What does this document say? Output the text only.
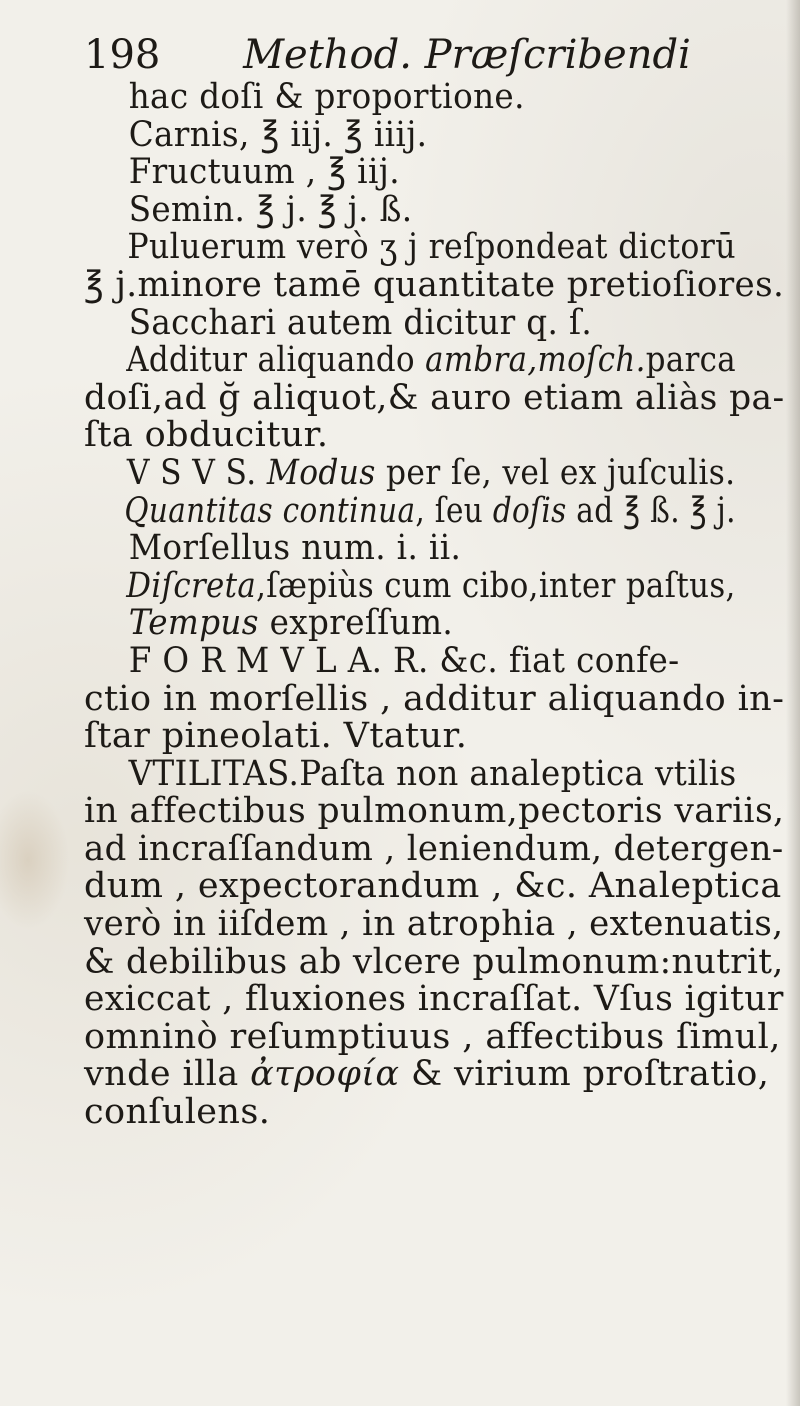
198 Method. Præſcribendi
hac doſi & proportione.
Carnis, ℥ iij. ℥ iiij.
Fructuum , ℥ iij.
Semin. ℥ j. ℥ j. ß.
Puluerum verò ʒ j reſpondeat dictorū
℥ j.minore tamē quantitate pretioſiores.
Sacchari autem dicitur q. ſ.
Additur aliquando ambra,moſch.parca
doſi,ad ğ aliquot,& auro etiam aliàs pa-
ſta obducitur.
V S V S. Modus per ſe, vel ex juſculis.
Quantitas continua, ſeu doſis ad ℥ ß. ℥ j.
Morſellus num. i. ii.
Diſcreta,ſæpiùs cum cibo,inter paſtus,
Tempus expreſſum.
F O R M V L A. R. &c. fiat confe-
ctio in morſellis , additur aliquando in-
ſtar pineolati. Vtatur.
VTILITAS.Paſta non analeptica vtilis
in affectibus pulmonum,pectoris variis,
ad incraſſandum , leniendum, detergen-
dum , expectorandum , &c. Analeptica
verò in iiſdem , in atrophia , extenuatis,
& debilibus ab vlcere pulmonum:nutrit,
exiccat , fluxiones incraſſat. Vſus igitur
omninò reſumptiuus , affectibus ſimul,
vnde illa ἀτροφία & virium proſtratio,
conſulens.
